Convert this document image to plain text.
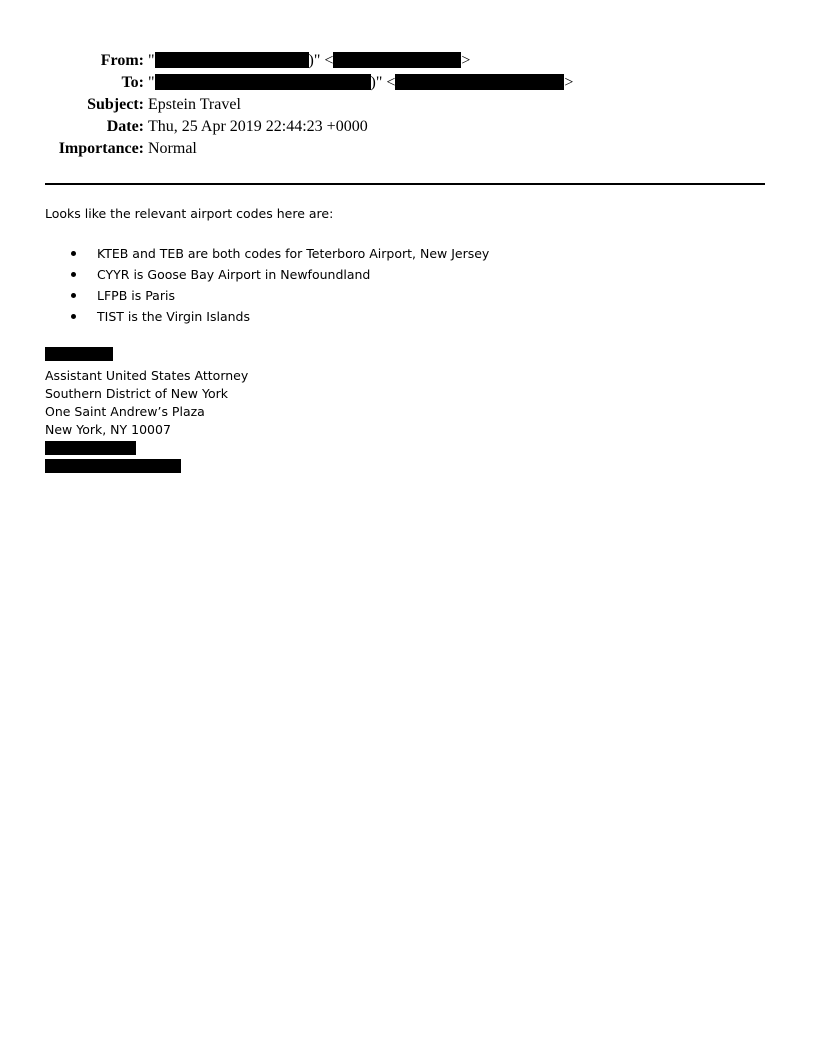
From: "	)" <	>
To: "	)" <	>
Subject: Epstein Travel
Date: Thu, 25 Apr 2019 22:44:23 +0000
Importance: Normal

Looks like the relevant airport codes here are:

KTEB and TEB are both codes for Teterboro Airport, New Jersey
CYYR is Goose Bay Airport in Newfoundland
LFPB is Paris
TIST is the Virgin Islands
Assistant United States Attorney
Southern District of New York
One Saint Andrew’s Plaza
New York, NY 10007
